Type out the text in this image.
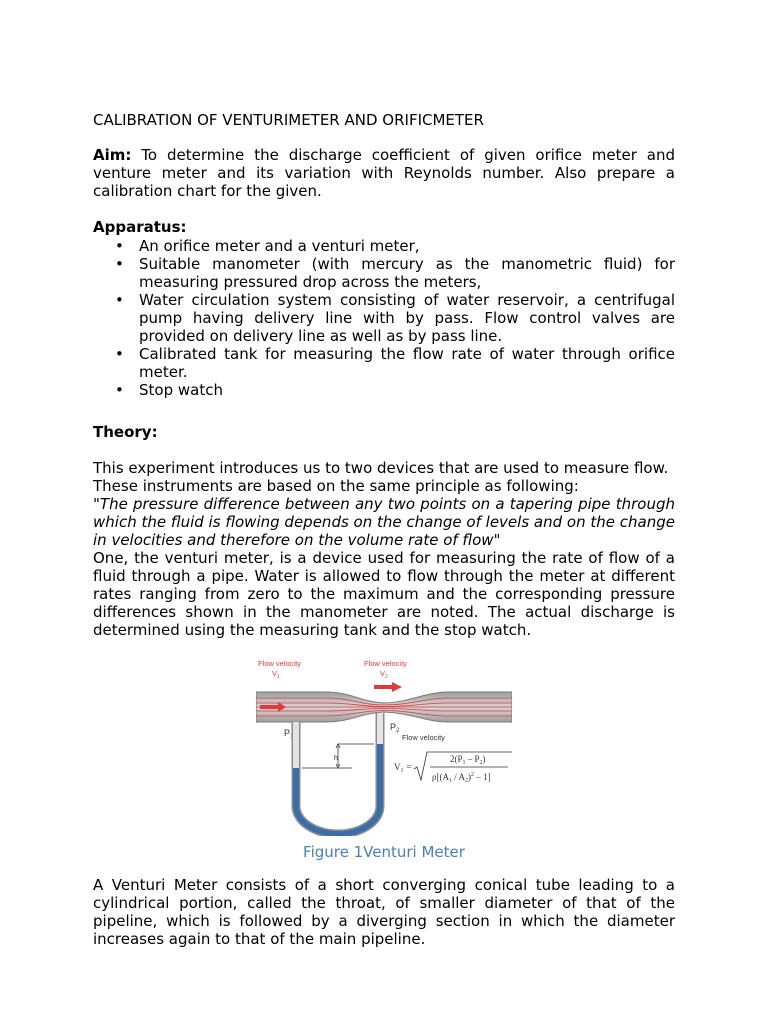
CALIBRATION OF VENTURIMETER AND ORIFICMETER

Aim: To determine the discharge coefficient of given orifice meter and venture meter and its variation with Reynolds number. Also prepare a calibration chart for the given.

Apparatus:
• An orifice meter and a venturi meter,
• Suitable manometer (with mercury as the manometric fluid) for measuring pressured drop across the meters,
• Water circulation system consisting of water reservoir, a centrifugal pump having delivery line with by pass. Flow control valves are provided on delivery line as well as by pass line.
• Calibrated tank for measuring the flow rate of water through orifice meter.
• Stop watch
Theory:

This experiment introduces us to two devices that are used to measure flow.

These instruments are based on the same principle as following:

"The pressure difference between any two points on a tapering pipe through which the fluid is flowing depends on the change of levels and on the change in velocities and therefore on the volume rate of flow"

One, the venturi meter, is a device used for measuring the rate of flow of a fluid through a pipe. Water is allowed to flow through the meter at different rates ranging from zero to the maximum and the corresponding pressure differences shown in the manometer are noted. The actual discharge is determined using the measuring tank and the stop watch.

Flow velocity
$V_1$
Flow velocity
$V_2$
$P_1$
$P_2$
h
Flow velocity
$V_1$ =
$2(P_1 - P_2)$
$\rho[(A_1 / A_2)^2 - 1]$
Figure 1Venturi Meter

A Venturi Meter consists of a short converging conical tube leading to a cylindrical portion, called the throat, of smaller diameter of that of the pipeline, which is followed by a diverging section in which the diameter increases again to that of the main pipeline.
